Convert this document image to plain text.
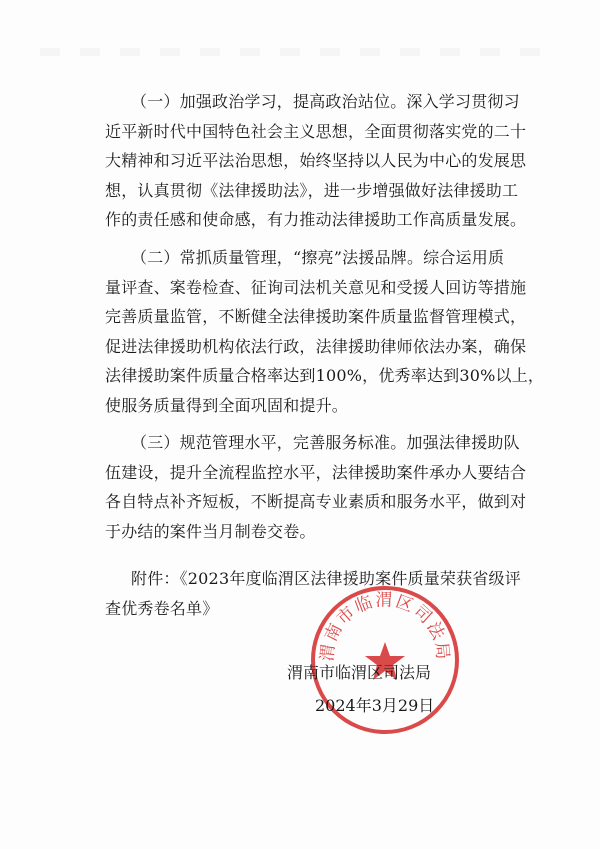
（一）加强政治学习，提高政治站位。深入学习贯彻习
近平新时代中国特色社会主义思想，全面贯彻落实党的二十
大精神和习近平法治思想，始终坚持以人民为中心的发展思
想，认真贯彻《法律援助法》，进一步增强做好法律援助工
作的责任感和使命感，有力推动法律援助工作高质量发展。
（二）常抓质量管理，“擦亮”法援品牌。综合运用质
量评查、案卷检查、征询司法机关意见和受援人回访等措施
完善质量监管，不断健全法律援助案件质量监督管理模式，
促进法律援助机构依法行政，法律援助律师依法办案，确保
法律援助案件质量合格率达到100%，优秀率达到30%以上，
使服务质量得到全面巩固和提升。
（三）规范管理水平，完善服务标准。加强法律援助队
伍建设，提升全流程监控水平，法律援助案件承办人要结合
各自特点补齐短板，不断提高专业素质和服务水平，做到对
于办结的案件当月制卷交卷。
附件：《2023年度临渭区法律援助案件质量荣获省级评
查优秀卷名单》
渭南市临渭区司法局
渭南市临渭区司法局
2024年3月29日
